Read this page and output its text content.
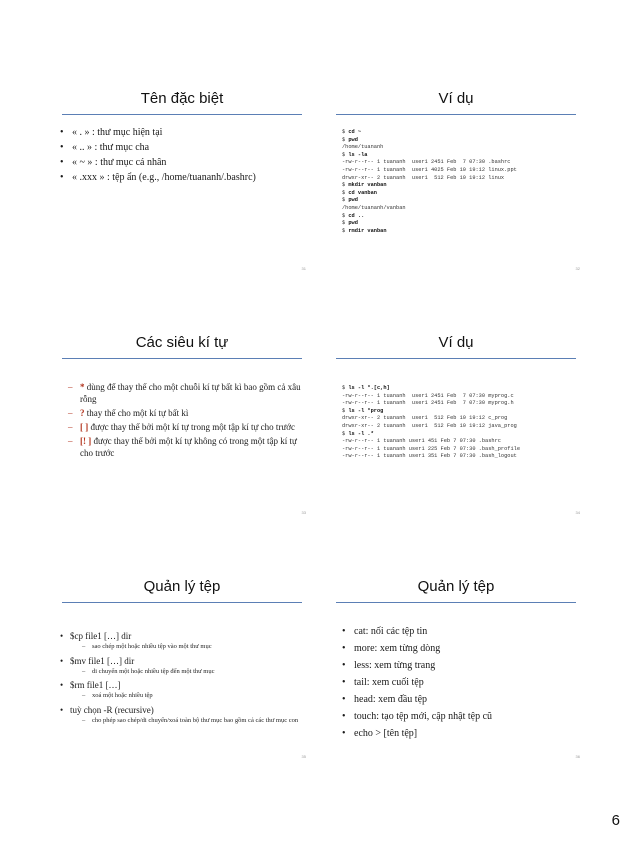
Tên đặc biệt
• « . » : thư mục hiện tại
• « .. » : thư mục cha
• « ~ » : thư mục cá nhân
• « .xxx » : tệp ẩn (e.g., /home/tuananh/.bashrc)
31
Ví dụ
$ cd ~
$ pwd
/home/tuananh
$ ls -la
-rw-r--r-- 1 tuananh  user1 2451 Feb  7 07:30 .bashrc
-rw-r--r-- 1 tuananh  user1 4025 Feb 10 19:12 linux.ppt
drwxr-xr-- 2 tuananh  user1  512 Feb 10 19:12 linux
$ mkdir vanban
$ cd vanban
$ pwd
/home/tuananh/vanban
$ cd ..
$ pwd
$ rmdir vanban
32
Các siêu kí tự
– * dùng để thay thế cho một chuỗi kí tự bất kì bao gồm cả xâu rỗng
– ? thay thế cho một kí tự bất kì
– [ ] được thay thế bởi một kí tự trong một tập kí tự cho trước
– [! ] được thay thế bởi một kí tự không có trong một tập kí tự cho trước
33
Ví dụ
$ ls -l *.[c,h]
-rw-r--r-- 1 tuananh  user1 2451 Feb  7 07:30 myprog.c
-rw-r--r-- 1 tuananh  user1 2451 Feb  7 07:30 myprog.h
$ ls -l *prog
drwxr-xr-- 2 tuananh  user1  512 Feb 10 19:12 c_prog
drwxr-xr-- 2 tuananh  user1  512 Feb 10 19:12 java_prog
$ ls -l .*
-rw-r--r-- 1 tuananh user1 451 Feb 7 07:30 .bashrc
-rw-r--r-- 1 tuananh user1 225 Feb 7 07:30 .bash_profile
-rw-r--r-- 1 tuananh user1 351 Feb 7 07:30 .bash_logout
34
Quản lý tệp
• $cp file1 […] dir
– sao chép một hoặc nhiều tệp vào một thư mục
• $mv file1 […] dir
– di chuyển một hoặc nhiều tệp đến một thư mục
• $rm file1 […]
– xoá một hoặc nhiều tệp
• tuỳ chọn -R (recursive)
– cho phép sao chép/di chuyển/xoá toàn bộ thư mục bao gồm cả các thư mục con
35
Quản lý tệp
• cat: nối các tệp tin
• more: xem từng dòng
• less: xem từng trang
• tail: xem cuối tệp
• head: xem đầu tệp
• touch: tạo tệp mới, cập nhật tệp cũ
• echo > [tên tệp]
36
6
